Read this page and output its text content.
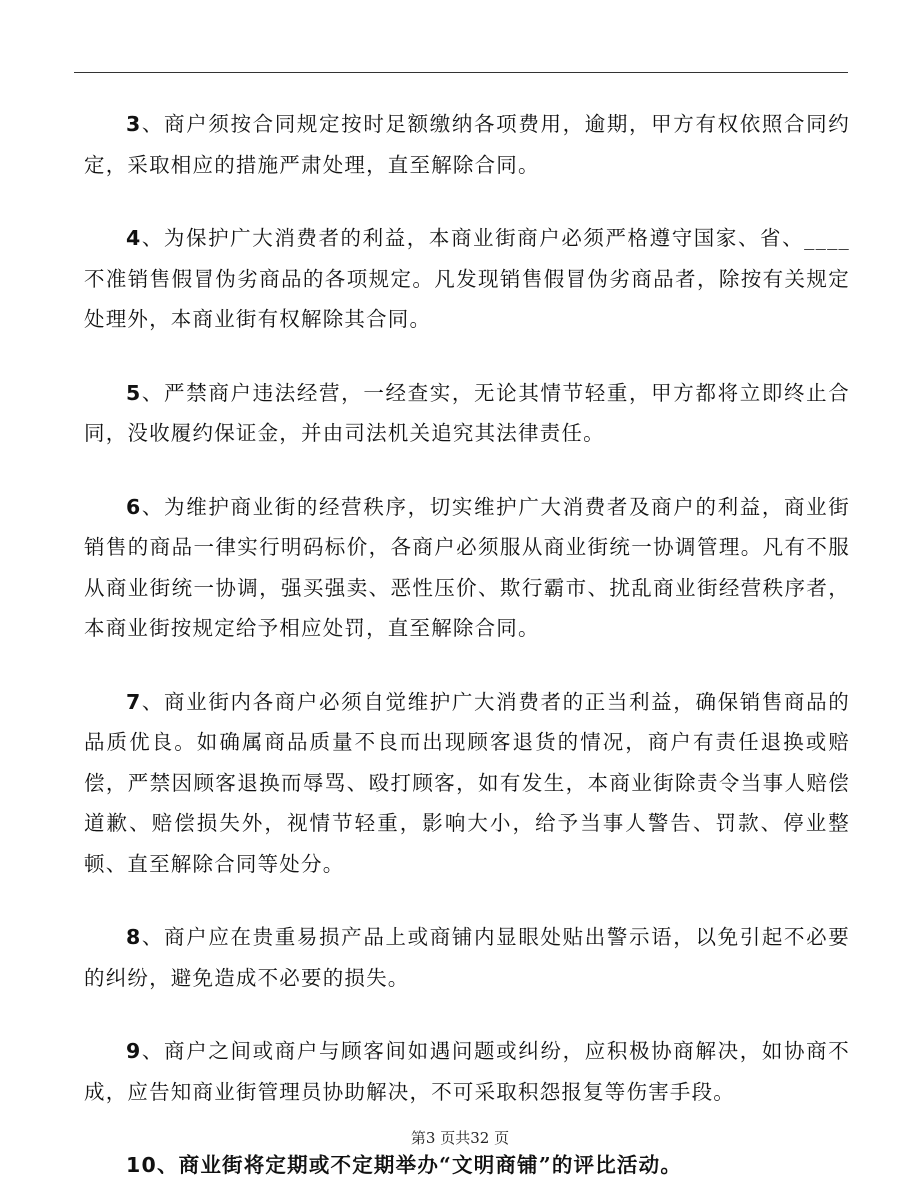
3、商户须按合同规定按时足额缴纳各项费用，逾期，甲方有权依照合同约定，采取相应的措施严肃处理，直至解除合同。

4、为保护广大消费者的利益，本商业街商户必须严格遵守国家、省、____不准销售假冒伪劣商品的各项规定。凡发现销售假冒伪劣商品者，除按有关规定处理外，本商业街有权解除其合同。

5、严禁商户违法经营，一经查实，无论其情节轻重，甲方都将立即终止合同，没收履约保证金，并由司法机关追究其法律责任。

6、为维护商业街的经营秩序，切实维护广大消费者及商户的利益，商业街销售的商品一律实行明码标价，各商户必须服从商业街统一协调管理。凡有不服从商业街统一协调，强买强卖、恶性压价、欺行霸市、扰乱商业街经营秩序者，本商业街按规定给予相应处罚，直至解除合同。

7、商业街内各商户必须自觉维护广大消费者的正当利益，确保销售商品的品质优良。如确属商品质量不良而出现顾客退货的情况，商户有责任退换或赔偿，严禁因顾客退换而辱骂、殴打顾客，如有发生，本商业街除责令当事人赔偿道歉、赔偿损失外，视情节轻重，影响大小，给予当事人警告、罚款、停业整顿、直至解除合同等处分。

8、商户应在贵重易损产品上或商铺内显眼处贴出警示语，以免引起不必要的纠纷，避免造成不必要的损失。

9、商户之间或商户与顾客间如遇问题或纠纷，应积极协商解决，如协商不成，应告知商业街管理员协助解决，不可采取积怨报复等伤害手段。

10、商业街将定期或不定期举办“文明商铺”的评比活动。

第3 页共32 页
